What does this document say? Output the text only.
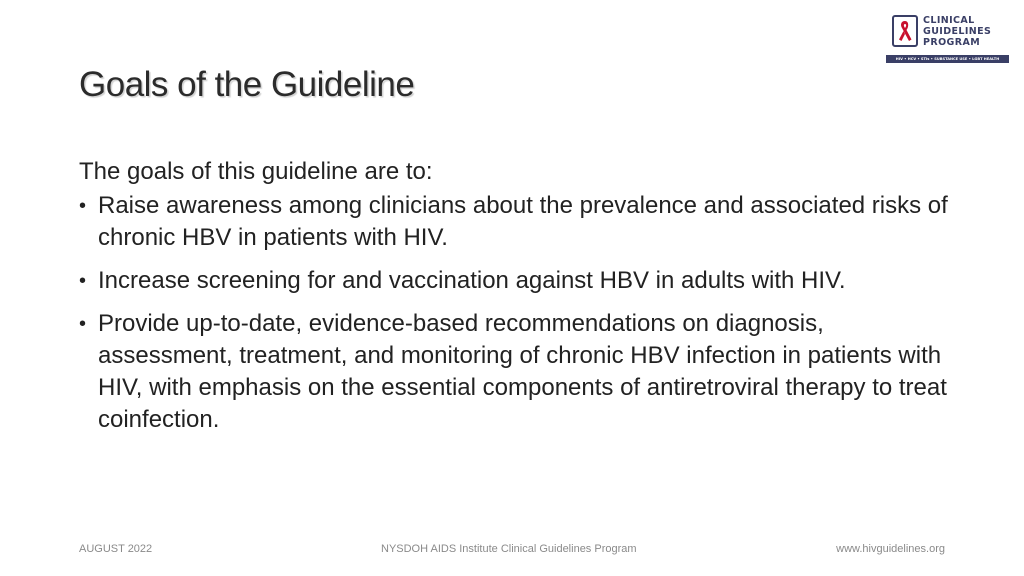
CLINICAL
GUIDELINES
PROGRAM
HIV • HCV • STIs • SUBSTANCE USE • LGBT HEALTH
Goals of the Guideline
The goals of this guideline are to:
• Raise awareness among clinicians about the prevalence and associated risks of chronic HBV in patients with HIV.
• Increase screening for and vaccination against HBV in adults with HIV.
• Provide up-to-date, evidence-based recommendations on diagnosis, assessment, treatment, and monitoring of chronic HBV infection in patients with HIV, with emphasis on the essential components of antiretroviral therapy to treat coinfection.
AUGUST 2022	NYSDOH AIDS Institute Clinical Guidelines Program	www.hivguidelines.org
